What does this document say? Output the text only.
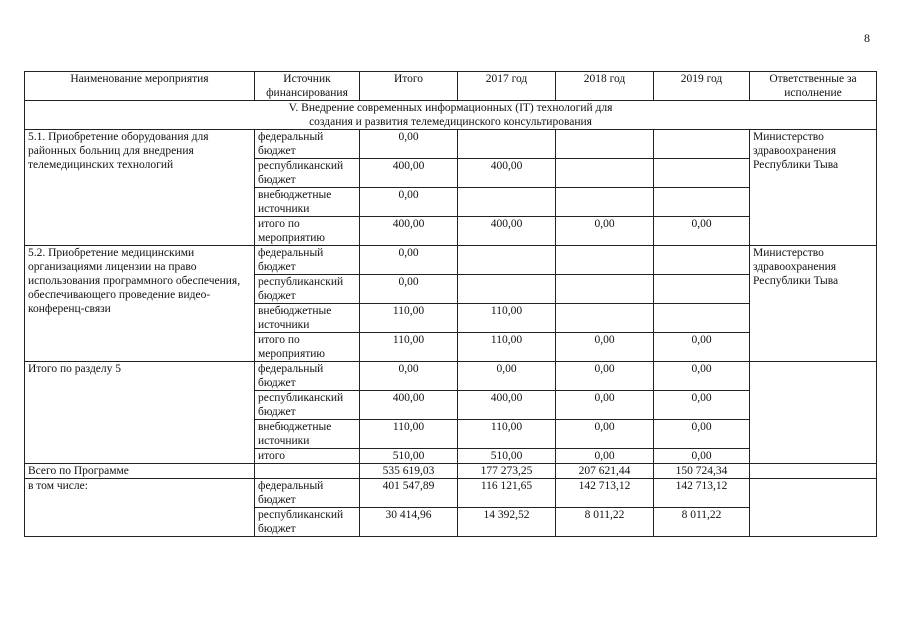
8
Наименование мероприятия	Источник финансирования	Итого	2017 год	2018 год	2019 год	Ответственные за исполнение
V. Внедрение современных информационных (IT) технологий для создания и развития телемедицинского консультирования						
5.1. Приобретение оборудования для районных больниц для внедрения телемедицинских технологий	федеральный бюджет	0,00				Министерство здравоохранения Республики Тыва
	республиканский бюджет	400,00	400,00			
	внебюджетные источники	0,00				
	итого по мероприятию	400,00	400,00	0,00	0,00	
5.2. Приобретение медицинскими организациями лицензии на право использования программного обеспечения, обеспечивающего проведение видео-конференц-связи	федеральный бюджет	0,00				Министерство здравоохранения Республики Тыва
	республиканский бюджет	0,00				
	внебюджетные источники	110,00	110,00			
	итого по мероприятию	110,00	110,00	0,00	0,00	
Итого по разделу 5	федеральный бюджет	0,00	0,00	0,00	0,00	
	республиканский бюджет	400,00	400,00	0,00	0,00	
	внебюджетные источники	110,00	110,00	0,00	0,00	
	итого	510,00	510,00	0,00	0,00	
Всего по Программе		535 619,03	177 273,25	207 621,44	150 724,34	
в том числе:	федеральный бюджет	401 547,89	116 121,65	142 713,12	142 713,12	
	республиканский бюджет	30 414,96	14 392,52	8 011,22	8 011,22	
